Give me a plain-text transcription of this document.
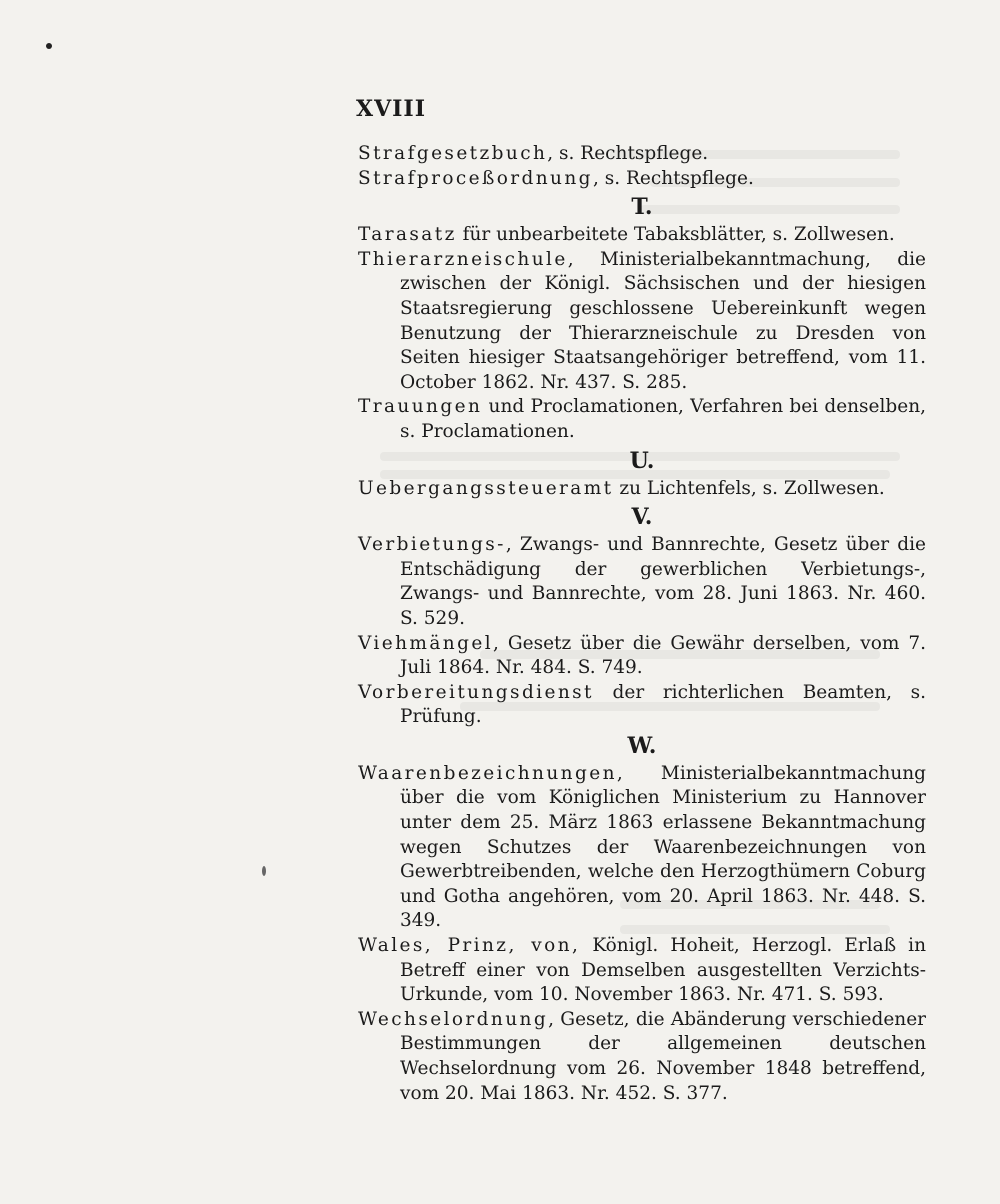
XVIII

Strafgesetzbuch, s. Rechtspflege.

Strafproceßordnung, s. Rechtspflege.

T.

Tarasatz für unbearbeitete Tabaksblätter, s. Zollwesen.

Thierarzneischule, Ministerialbekanntmachung, die zwischen der Königl. Sächsischen und der hiesigen Staatsregierung geschlossene Uebereinkunft wegen Benutzung der Thierarzneischule zu Dresden von Seiten hiesiger Staatsangehöriger betreffend, vom 11. October 1862. Nr. 437. S. 285.

Trauungen und Proclamationen, Verfahren bei denselben, s. Proclamationen.

U.

Uebergangssteueramt zu Lichtenfels, s. Zollwesen.

V.

Verbietungs-, Zwangs- und Bannrechte, Gesetz über die Entschädigung der gewerblichen Verbietungs-, Zwangs- und Bannrechte, vom 28. Juni 1863. Nr. 460. S. 529.

Viehmängel, Gesetz über die Gewähr derselben, vom 7. Juli 1864. Nr. 484. S. 749.

Vorbereitungsdienst der richterlichen Beamten, s. Prüfung.

W.

Waarenbezeichnungen, Ministerialbekanntmachung über die vom Königlichen Ministerium zu Hannover unter dem 25. März 1863 erlassene Bekanntmachung wegen Schutzes der Waarenbezeichnungen von Gewerbtreibenden, welche den Herzogthümern Coburg und Gotha angehören, vom 20. April 1863. Nr. 448. S. 349.

Wales, Prinz, von, Königl. Hoheit, Herzogl. Erlaß in Betreff einer von Demselben ausgestellten Verzichts-Urkunde, vom 10. November 1863. Nr. 471. S. 593.

Wechselordnung, Gesetz, die Abänderung verschiedener Bestimmungen der allgemeinen deutschen Wechselordnung vom 26. November 1848 betreffend, vom 20. Mai 1863. Nr. 452. S. 377.
